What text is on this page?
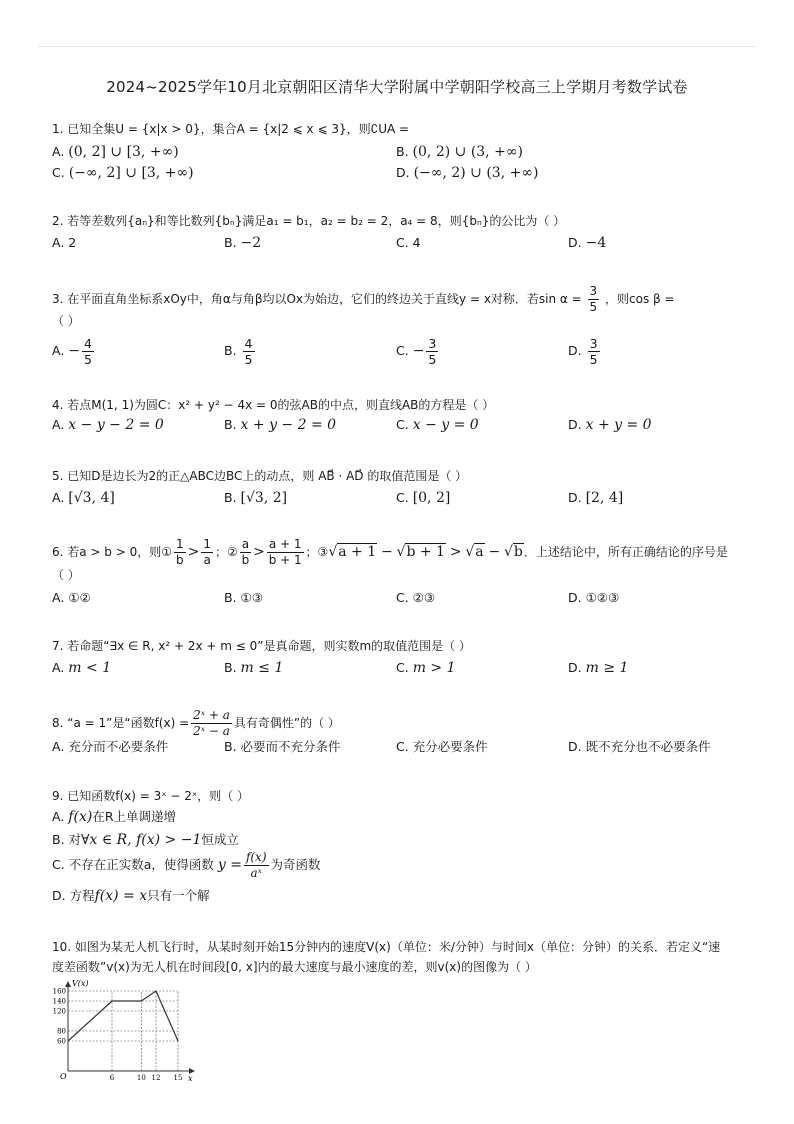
2024~2025学年10月北京朝阳区清华大学附属中学朝阳学校高三上学期月考数学试卷
1. 已知全集U = {x|x > 0}，集合A = {x|2 ⩽ x ⩽ 3}，则∁UA =
A. (0, 2] ∪ [3, +∞)	B. (0, 2) ∪ (3, +∞)
C. (−∞, 2] ∪ [3, +∞)	D. (−∞, 2) ∪ (3, +∞)
2. 若等差数列{aₙ}和等比数列{bₙ}满足a₁ = b₁，a₂ = b₂ = 2，a₄ = 8，则{bₙ}的公比为（ ）
A. 2	B. −2	C. 4	D. −4
3. 在平面直角坐标系xOy中，角α与角β均以Ox为始边，它们的终边关于直线y = x对称．若$\sin \alpha = \frac{3}{5}$ ，则cos β =
（ ）
A. − $\frac{4}{5}$	B. $\frac{4}{5}$	C. − $\frac{3}{5}$	D. $\frac{3}{5}$
4. 若点M(1, 1)为圆C：x² + y² − 4x = 0的弦AB的中点，则直线AB的方程是（ ）
A. x − y − 2 = 0	B. x + y − 2 = 0	C. x − y = 0	D. x + y = 0
5. 已知D是边长为2的正△ABC边BC上的动点，则 AB⃗ · AD⃗ 的取值范围是（ ）
A. [√3, 4]	B. [√3, 2]	C. [0, 2]	D. [2, 4]
6. 若a > b > 0，则① $\frac{1}{b} > \frac{1}{a}$ ；② $\frac{a}{b} > \frac{a + 1}{b + 1}$ ；③√a + 1 − √b + 1 > √a − √b．上述结论中，所有正确结论的序号是
（ ）
A. ①②	B. ①③	C. ②③	D. ①②③
7. 若命题“∃x ∈ R, x² + 2x + m ≤ 0”是真命题，则实数m的取值范围是（ ）
A. m < 1	B. m ≤ 1	C. m > 1	D. m ≥ 1
8. “a = 1”是“函数$f(x) = \frac{\text{2ˣ + a}}{\text{2ˣ − a}}$ 具有奇偶性”的（ ）
A. 充分而不必要条件	B. 必要而不充分条件	C. 充分必要条件	D. 既不充分也不必要条件
9. 已知函数f(x) = 3ˣ − 2ˣ，则（ ）
A. f(x)在R上单调递增
B. 对∀x ∈ R, f(x) > −1恒成立
C. 不存在正实数a，使得函数 $y = \frac{f(x)}{\text{aˣ}}$ 为奇函数
D. 方程f(x) = x只有一个解
10. 如图为某无人机飞行时，从某时刻开始15分钟内的速度V(x)（单位：米/分钟）与时间x（单位：分钟）的关系．若定义“速
度差函数”v(x)为无人机在时间段[0, x]内的最大速度与最小速度的差，则v(x)的图像为（ ）
60
80
120
140
160
6	10 12 15
V(x)
x
O
